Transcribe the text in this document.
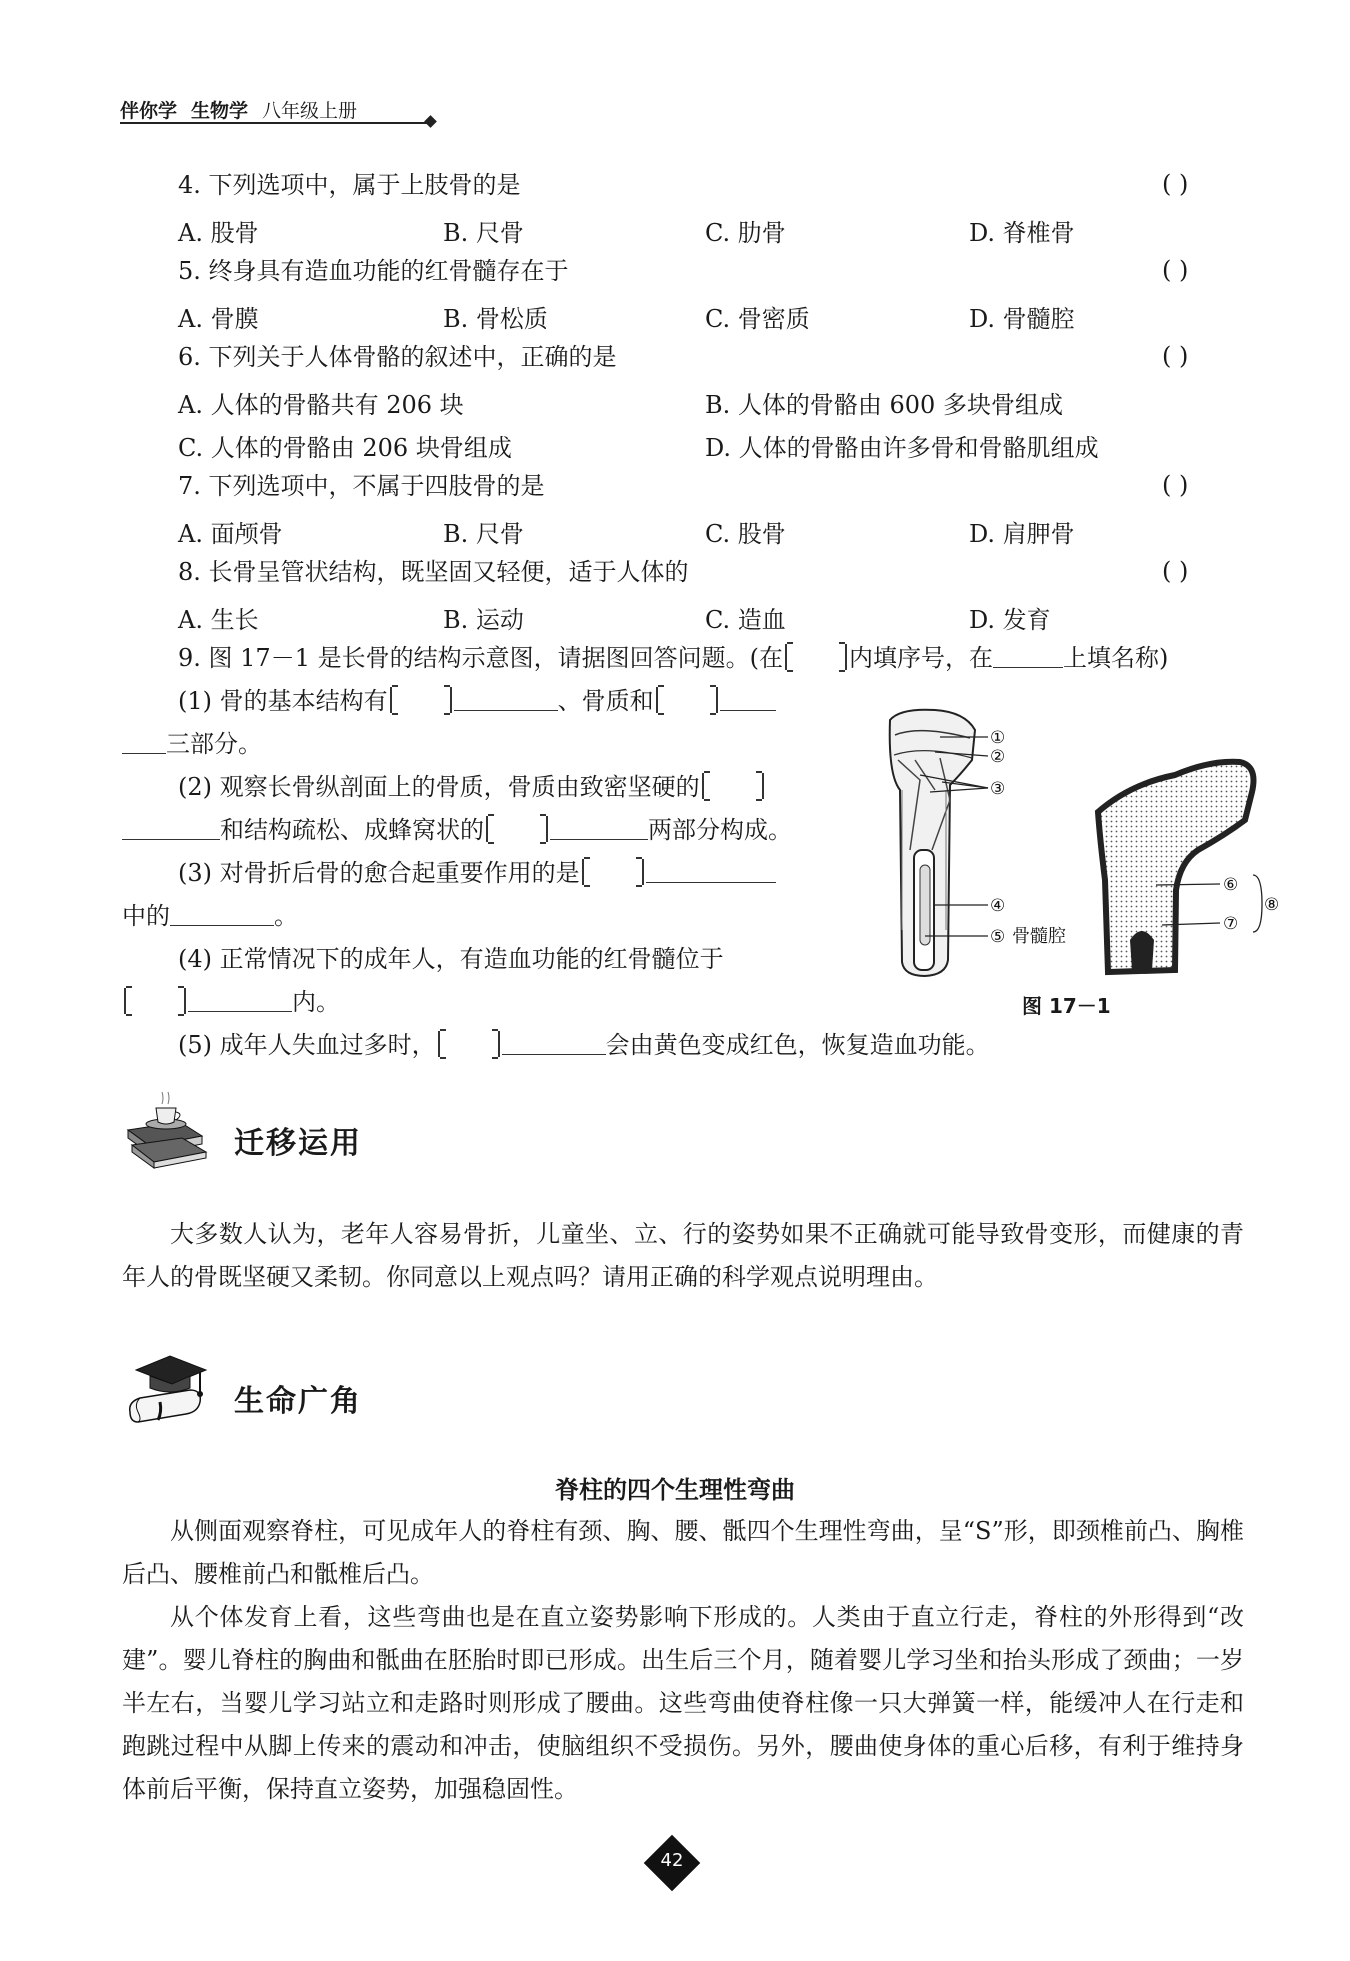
伴你学 生物学 八年级上册
4. 下列选项中，属于上肢骨的是	( )
A. 股骨	B. 尺骨	C. 肋骨	D. 脊椎骨
5. 终身具有造血功能的红骨髓存在于	( )
A. 骨膜	B. 骨松质	C. 骨密质	D. 骨髓腔
6. 下列关于人体骨骼的叙述中，正确的是	( )
A. 人体的骨骼共有 206 块	B. 人体的骨骼由 600 多块骨组成
C. 人体的骨骼由 206 块骨组成	D. 人体的骨骼由许多骨和骨骼肌组成
7. 下列选项中，不属于四肢骨的是	( )
A. 面颅骨	B. 尺骨	C. 股骨	D. 肩胛骨
8. 长骨呈管状结构，既坚固又轻便，适于人体的	( )
A. 生长	B. 运动	C. 造血	D. 发育
9. 图 17－1 是长骨的结构示意图，请据图回答问题。(在	内填序号，在	上填名称)
(1) 骨的基本结构有	、骨质和
三部分。
(2) 观察长骨纵剖面上的骨质，骨质由致密坚硬的
和结构疏松、成蜂窝状的	两部分构成。
(3) 对骨折后骨的愈合起重要作用的是
中的	。
(4) 正常情况下的成年人，有造血功能的红骨髓位于
内。
(5) 成年人失血过多时，	会由黄色变成红色，恢复造血功能。
①
②
③
④
⑤ 骨髓腔
⑥
⑦
⑧
图 17－1
迁移运用
大多数人认为，老年人容易骨折，儿童坐、立、行的姿势如果不正确就可能导致骨变形，而健康的青年人的骨既坚硬又柔韧。你同意以上观点吗？请用正确的科学观点说明理由。
生命广角
脊柱的四个生理性弯曲
从侧面观察脊柱，可见成年人的脊柱有颈、胸、腰、骶四个生理性弯曲，呈“S”形，即颈椎前凸、胸椎后凸、腰椎前凸和骶椎后凸。
从个体发育上看，这些弯曲也是在直立姿势影响下形成的。人类由于直立行走，脊柱的外形得到“改建”。婴儿脊柱的胸曲和骶曲在胚胎时即已形成。出生后三个月，随着婴儿学习坐和抬头形成了颈曲；一岁半左右，当婴儿学习站立和走路时则形成了腰曲。这些弯曲使脊柱像一只大弹簧一样，能缓冲人在行走和跑跳过程中从脚上传来的震动和冲击，使脑组织不受损伤。另外，腰曲使身体的重心后移，有利于维持身体前后平衡，保持直立姿势，加强稳固性。
42
